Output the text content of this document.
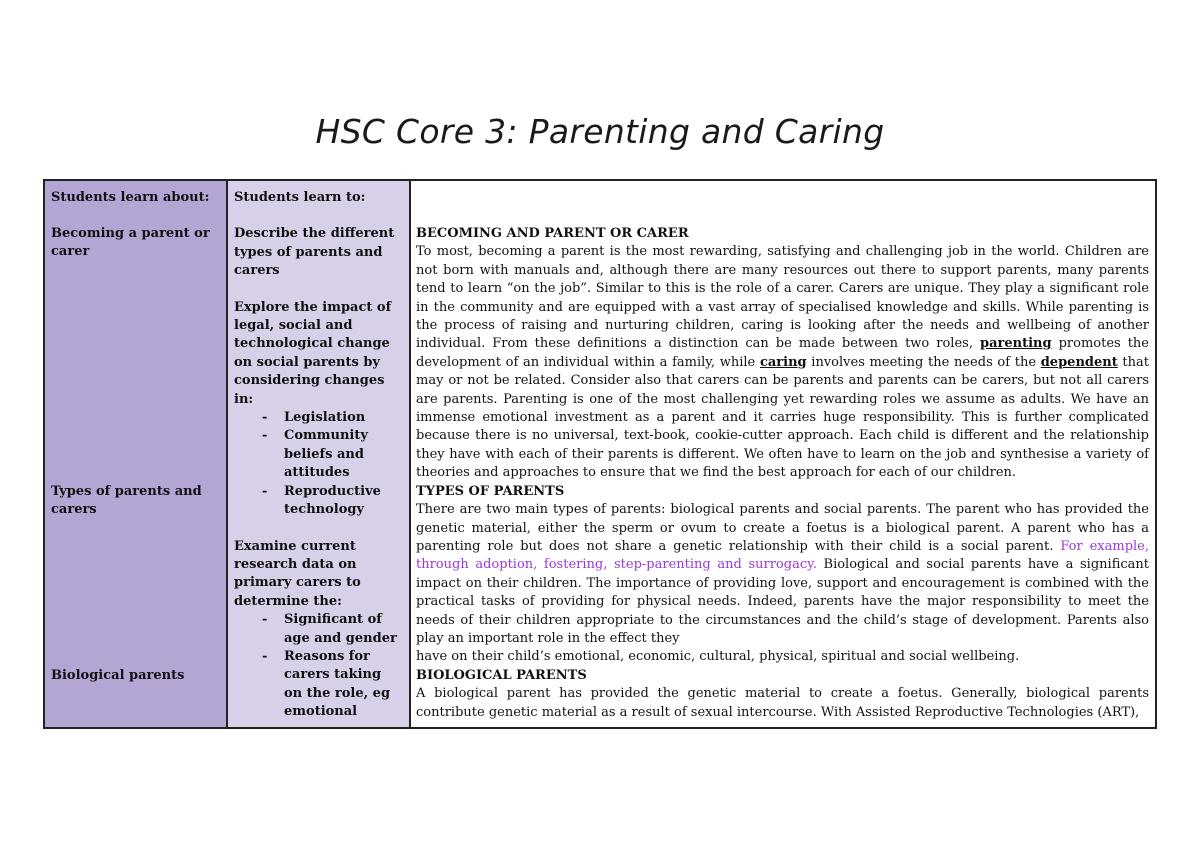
HSC Core 3: Parenting and Caring
Students learn about:
Becoming a parent or carer
Types of parents and carers
Biological parents
Students learn to:

Describe the different types of parents and carers

Explore the impact of legal, social and technological change on social parents by considering changes in:

- Legislation
- Community beliefs and attitudes
- Reproductive technology

Examine current research data on primary carers to determine the:

- Significant of age and gender
- Reasons for carers taking on the role, eg emotional
BECOMING AND PARENT OR CARER

To most, becoming a parent is the most rewarding, satisfying and challenging job in the world. Children are not born with manuals and, although there are many resources out there to support parents, many parents tend to learn “on the job”. Similar to this is the role of a carer. Carers are unique. They play a significant role in the community and are equipped with a vast array of specialised knowledge and skills. While parenting is the process of raising and nurturing children, caring is looking after the needs and wellbeing of another individual. From these definitions a distinction can be made between two roles, parenting promotes the development of an individual within a family, while caring involves meeting the needs of the dependent that may or not be related. Consider also that carers can be parents and parents can be carers, but not all carers are parents. Parenting is one of the most challenging yet rewarding roles we assume as adults. We have an immense emotional investment as a parent and it carries huge responsibility. This is further complicated because there is no universal, text-book, cookie-cutter approach. Each child is different and the relationship they have with each of their parents is different. We often have to learn on the job and synthesise a variety of theories and approaches to ensure that we find the best approach for each of our children.

TYPES OF PARENTS

There are two main types of parents: biological parents and social parents. The parent who has provided the genetic material, either the sperm or ovum to create a foetus is a biological parent. A parent who has a parenting role but does not share a genetic relationship with their child is a social parent. For example, through adoption, fostering, step-parenting and surrogacy. Biological and social parents have a significant impact on their children. The importance of providing love, support and encouragement is combined with the practical tasks of providing for physical needs. Indeed, parents have the major responsibility to meet the needs of their children appropriate to the circumstances and the child’s stage of development. Parents also play an important role in the effect they

have on their child’s emotional, economic, cultural, physical, spiritual and social wellbeing.

BIOLOGICAL PARENTS

A biological parent has provided the genetic material to create a foetus. Generally, biological parents contribute genetic material as a result of sexual intercourse. With Assisted Reproductive Technologies (ART),
